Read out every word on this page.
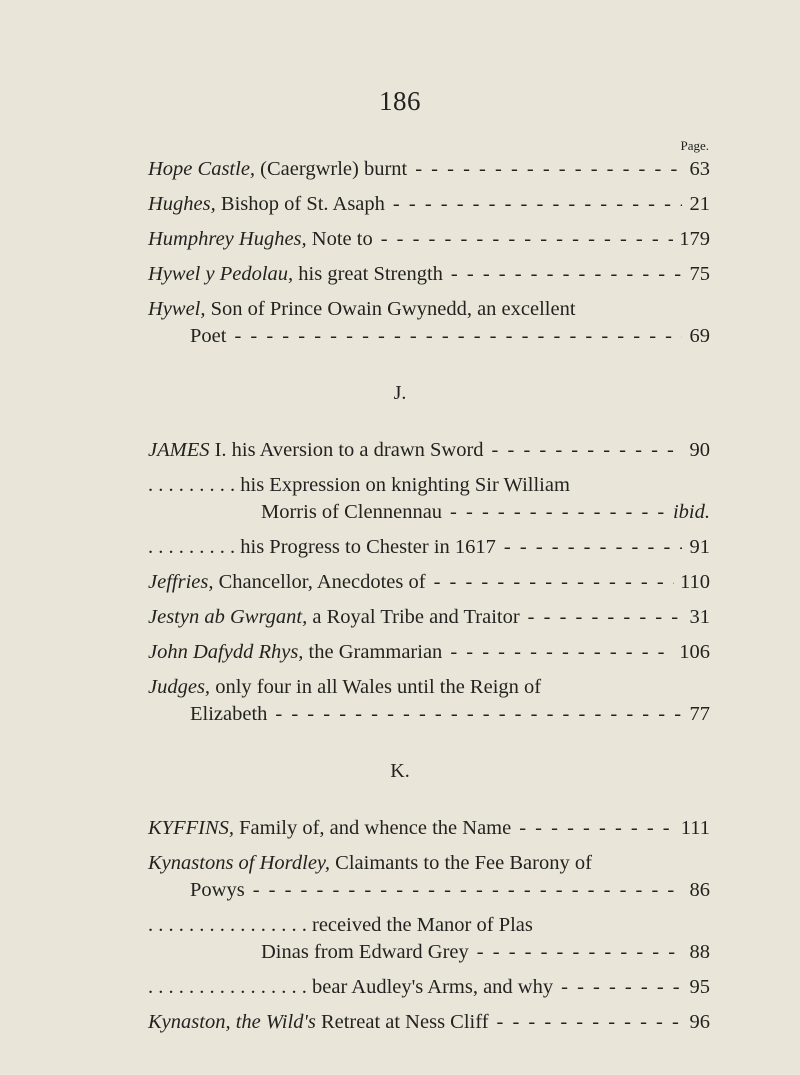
186
Page.
Hope Castle, (Caergwrle) burnt - - -	63
Hughes, Bishop of St. Asaph - - -	21
Humphrey Hughes, Note to - - -	179
Hywel y Pedolau, his great Strength - - -	75
Hywel, Son of Prince Owain Gwynedd, an excellent
Poet - - -	69
J.
JAMES I. his Aversion to a drawn Sword - - -	90
. . . . . . . . . his Expression on knighting Sir William
Morris of Clennennau - - -	ibid.
. . . . . . . . . his Progress to Chester in 1617 - - -	91
Jeffries, Chancellor, Anecdotes of - - -	110
Jestyn ab Gwrgant, a Royal Tribe and Traitor - - -	31
John Dafydd Rhys, the Grammarian - - -	106
Judges, only four in all Wales until the Reign of
Elizabeth - - -	77
K.
KYFFINS, Family of, and whence the Name - - -	111
Kynastons of Hordley, Claimants to the Fee Barony of
Powys - - -	86
. . . . . . . . . . . . . . . . received the Manor of Plas
Dinas from Edward Grey - - -	88
. . . . . . . . . . . . . . . . bear Audley's Arms, and why - - -	95
Kynaston, the Wild's Retreat at Ness Cliff - - -	96
